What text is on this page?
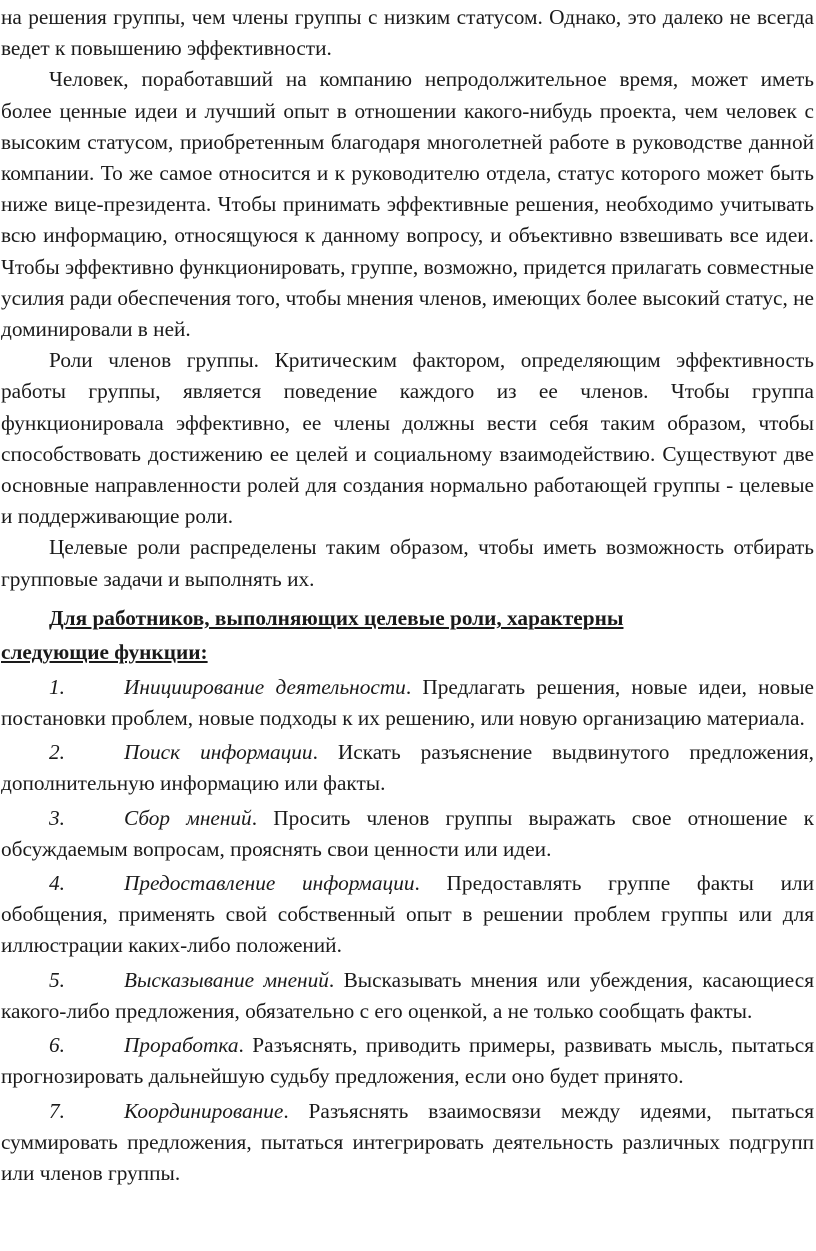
на решения группы, чем члены группы с низким статусом. Однако, это далеко не всегда ведет к повышению эффективности.

Человек, поработавший на компанию непродолжительное время, может иметь более ценные идеи и лучший опыт в отношении какого-нибудь проекта, чем человек с высоким статусом, приобретенным благодаря многолетней работе в руководстве данной компании. То же самое относится и к руководителю отдела, статус которого может быть ниже вице-президента. Чтобы принимать эффективные решения, необходимо учитывать всю информацию, относящуюся к данному вопросу, и объективно взвешивать все идеи. Чтобы эффективно функционировать, группе, возможно, придется прилагать совместные усилия ради обеспечения того, чтобы мнения членов, имеющих более высокий статус, не доминировали в ней.

Роли членов группы. Критическим фактором, определяющим эффективность работы группы, является поведение каждого из ее членов. Чтобы группа функционировала эффективно, ее члены должны вести себя таким образом, чтобы способствовать достижению ее целей и социальному взаимодействию. Существуют две основные направленности ролей для создания нормально работающей группы - целевые и поддерживающие роли.

Целевые роли распределены таким образом, чтобы иметь возможность отбирать групповые задачи и выполнять их.

Для работников, выполняющих целевые роли, характерны
следующие функции:

1.	Инициирование деятельности. Предлагать решения, новые идеи, новые постановки проблем, новые подходы к их решению, или новую организацию материала.

2.	Поиск информации. Искать разъяснение выдвинутого предложения, дополнительную информацию или факты.

3.	Сбор мнений. Просить членов группы выражать свое отношение к обсуждаемым вопросам, прояснять свои ценности или идеи.

4.	Предоставление информации. Предоставлять группе факты или обобщения, применять свой собственный опыт в решении проблем группы или для иллюстрации каких-либо положений.

5.	Высказывание мнений. Высказывать мнения или убеждения, касающиеся какого-либо предложения, обязательно с его оценкой, а не только сообщать факты.

6.	Проработка. Разъяснять, приводить примеры, развивать мысль, пытаться прогнозировать дальнейшую судьбу предложения, если оно будет принято.

7.	Координирование. Разъяснять взаимосвязи между идеями, пытаться суммировать предложения, пытаться интегрировать деятельность различных подгрупп или членов группы.
